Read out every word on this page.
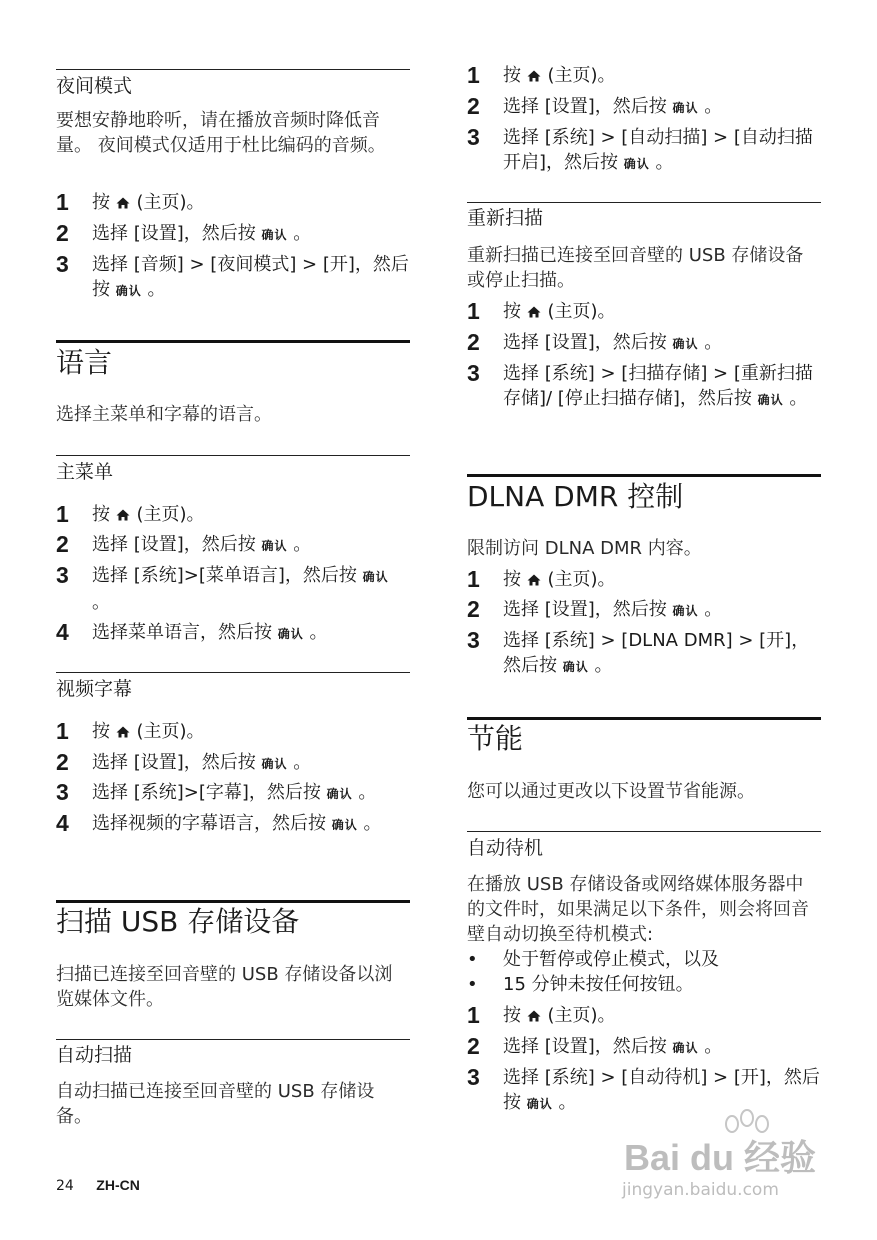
夜间模式
要想安静地聆听，请在播放音频时降低音量。 夜间模式仅适用于杜比编码的音频。
1 按  (主页)。
2 选择 [设置]，然后按 确认 。
3 选择 [音频] > [夜间模式] > [开]，然后按 确认 。
语言
选择主菜单和字幕的语言。
主菜单
1 按  (主页)。
2 选择 [设置]，然后按 确认 。
3 选择 [系统]>[菜单语言]，然后按 确认 。
4 选择菜单语言，然后按 确认 。
视频字幕
1 按  (主页)。
2 选择 [设置]，然后按 确认 。
3 选择 [系统]>[字幕]，然后按 确认 。
4 选择视频的字幕语言，然后按 确认 。
扫描 USB 存储设备
扫描已连接至回音壁的 USB 存储设备以浏览媒体文件。
自动扫描
自动扫描已连接至回音壁的 USB 存储设备。
1 按  (主页)。
2 选择 [设置]，然后按 确认 。
3 选择 [系统] > [自动扫描] > [自动扫描开启]，然后按 确认 。
重新扫描
重新扫描已连接至回音壁的 USB 存储设备或停止扫描。
1 按  (主页)。
2 选择 [设置]，然后按 确认 。
3 选择 [系统] > [扫描存储] > [重新扫描存储]/ [停止扫描存储]，然后按 确认 。
DLNA DMR 控制
限制访问 DLNA DMR 内容。
1 按  (主页)。
2 选择 [设置]，然后按 确认 。
3 选择 [系统] > [DLNA DMR] > [开]，然后按 确认 。
节能
您可以通过更改以下设置节省能源。
自动待机
在播放 USB 存储设备或网络媒体服务器中的文件时，如果满足以下条件，则会将回音壁自动切换至待机模式:
• 处于暂停或停止模式，以及
• 15 分钟未按任何按钮。
1 按  (主页)。
2 选择 [设置]，然后按 确认 。
3 选择 [系统] > [自动待机] > [开]，然后按 确认 。
24 ZH-CN
Bai du 经验
jingyan.baidu.com
